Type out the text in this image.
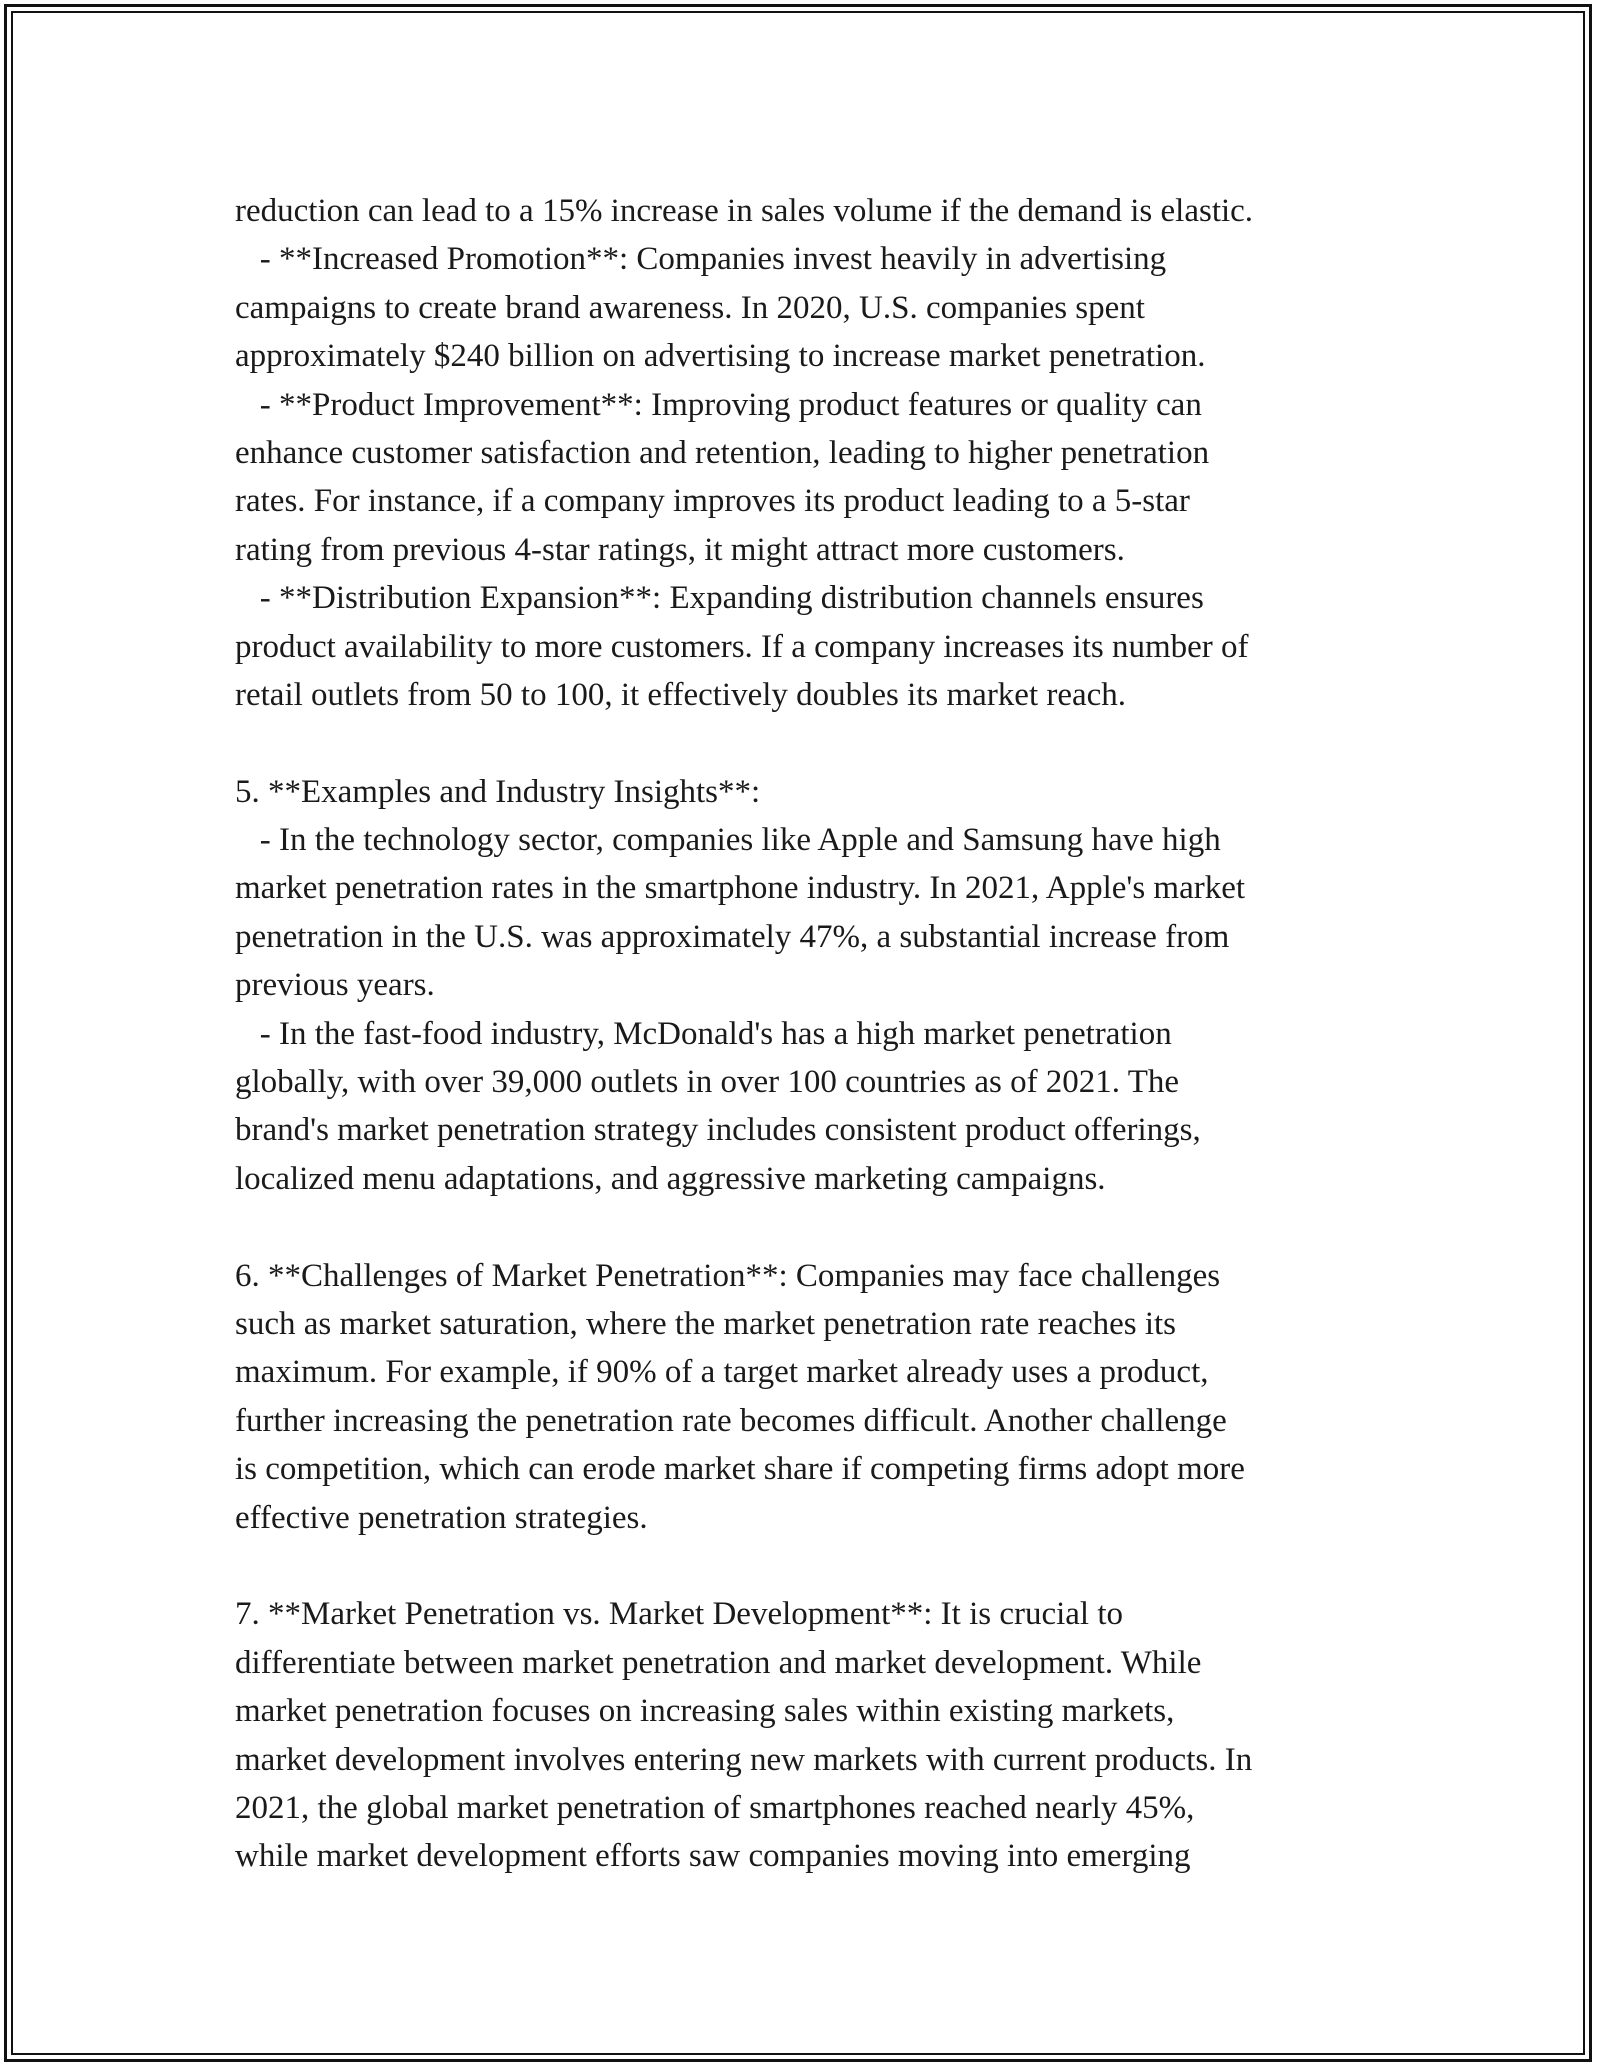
reduction can lead to a 15% increase in sales volume if the demand is elastic.
- **Increased Promotion**: Companies invest heavily in advertising
campaigns to create brand awareness. In 2020, U.S. companies spent
approximately $240 billion on advertising to increase market penetration.
- **Product Improvement**: Improving product features or quality can
enhance customer satisfaction and retention, leading to higher penetration
rates. For instance, if a company improves its product leading to a 5-star
rating from previous 4-star ratings, it might attract more customers.
- **Distribution Expansion**: Expanding distribution channels ensures
product availability to more customers. If a company increases its number of
retail outlets from 50 to 100, it effectively doubles its market reach.
5. **Examples and Industry Insights**:
- In the technology sector, companies like Apple and Samsung have high
market penetration rates in the smartphone industry. In 2021, Apple's market
penetration in the U.S. was approximately 47%, a substantial increase from
previous years.
- In the fast-food industry, McDonald's has a high market penetration
globally, with over 39,000 outlets in over 100 countries as of 2021. The
brand's market penetration strategy includes consistent product offerings,
localized menu adaptations, and aggressive marketing campaigns.
6. **Challenges of Market Penetration**: Companies may face challenges
such as market saturation, where the market penetration rate reaches its
maximum. For example, if 90% of a target market already uses a product,
further increasing the penetration rate becomes difficult. Another challenge
is competition, which can erode market share if competing firms adopt more
effective penetration strategies.
7. **Market Penetration vs. Market Development**: It is crucial to
differentiate between market penetration and market development. While
market penetration focuses on increasing sales within existing markets,
market development involves entering new markets with current products. In
2021, the global market penetration of smartphones reached nearly 45%,
while market development efforts saw companies moving into emerging
